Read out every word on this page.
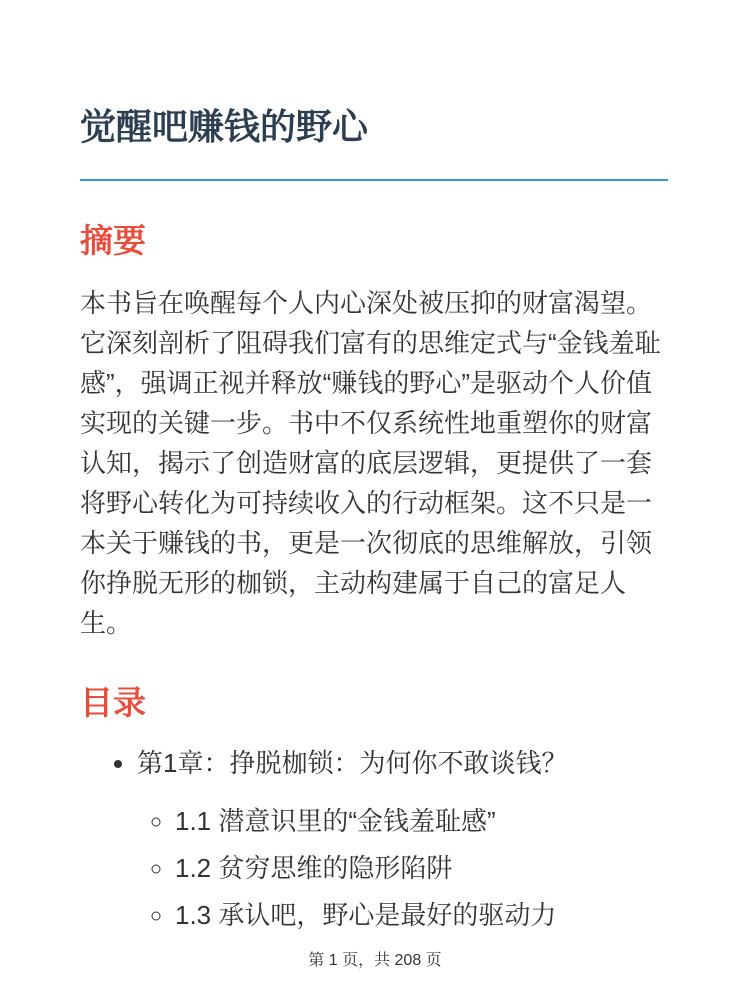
觉醒吧赚钱的野心
摘要

本书旨在唤醒每个人内心深处被压抑的财富渴望。它深刻剖析了阻碍我们富有的思维定式与“金钱羞耻感”，强调正视并释放“赚钱的野心”是驱动个人价值实现的关键一步。书中不仅系统性地重塑你的财富认知，揭示了创造财富的底层逻辑，更提供了一套将野心转化为可持续收入的行动框架。这不只是一本关于赚钱的书，更是一次彻底的思维解放，引领你挣脱无形的枷锁，主动构建属于自己的富足人生。

目录
• 第1章：挣脱枷锁：为何你不敢谈钱？
◦ 1.1 潜意识里的“金钱羞耻感”
◦ 1.2 贫穷思维的隐形陷阱
◦ 1.3 承认吧，野心是最好的驱动力
第 1 页，共 208 页
